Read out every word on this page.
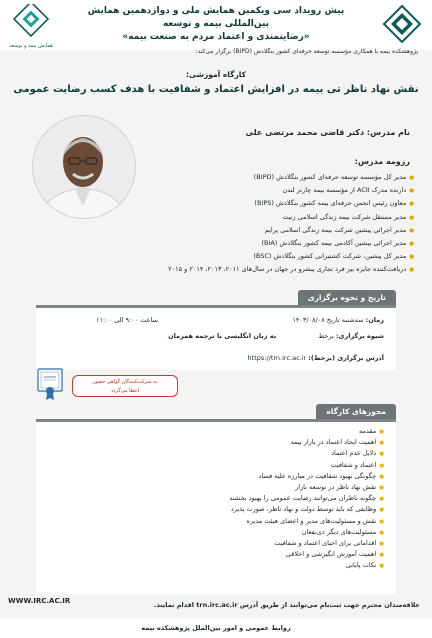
پیش رویداد سی ویکمین همایش ملی و دوازدهمین همایش بین‌المللی بیمه و توسعه
«رضایتمندی و اعتماد مردم به صنعت بیمه»
همایش بیمه و توسعه
پژوهشکده بیمه با همکاری مؤسسه توسعه حرفه‌ای کشور بنگلادش (BIPD) برگزار می‌کند:
کارگاه آموزشی:
نقش نهاد ناظر تی بیمه در افزایش اعتماد و شفافیت با هدف کسب رضایت عمومی
نام مدرس: دکتر قاضی محمد مرتضی علی
رزومه مدرس:
● مدیر کل مؤسسه توسعه حرفه‌ای کشور بنگلادش (BIPD)
● دارنده مدرک ACII از مؤسسه بیمه چارتر لندن
● معاون رئیس انجمن حرفه‌ای بیمه کشور بنگلادش (BIPS)
● مدیر مستقل شرکت بیمه زندگی اسلامی زنیت
● مدیر اجرائی پیشین شرکت بیمه زندگی اسلامی پرایم
● مدیر اجرائی پیشین آکادمی بیمه کشور بنگلادش (BIA)
● مدیر کل پیشین، شرکت کشتیرانی کشور بنگلادش (BSC)
● دریافت‌کننده جایزه بیز فرد تجاری پیشرو در جهان در سال‌های ۲۰۱۱، ۲۰۱۳، ۲۰۱۴ و ۲۰۱۵
تاریخ و نحوه برگزاری
زمان: سه‌شنبه تاریخ ۱۴۰۳/۰۸/۰۸
ساعت ۹:۰۰ الی ۱۱:۰۰
شیوه برگزاری: برخط به زبان انگلیسی با ترجمه همزمان
آدرس برگزاری (برخط): https://trn.irc.ac.ir
به شرکت‌کنندگان گواهی حضور
اعطا می‌گردد
محورهای کارگاه
● مقدمه
● اهمیت ایجاد اعتماد در بازار بیمه
● دلایل عدم اعتماد
● اعتماد و شفافیت
● چگونگی بهبود شفافیت در مبارزه علیه فساد
● نقش نهاد ناظر در توسعه بازار
● چگونه ناظران می‌توانند رضایت عمومی را بهبود بخشند
● وظایفی که باید توسط دولت و نهاد ناظر، صورت پذیرد
● نقش و مسئولیت‌های مدیر و اعضای هیئت مدیره
● مسئولیت‌های دیگر ذی‌نفعان
● اقداماتی برای احیای اعتماد و شفافیت
● اهمیت آموزش انگیزشی و اخلاقی
● نکات پایانی
علاقه‌مندان محترم جهت ثبت‌نام می‌توانند از طریق آدرس trn.irc.ac.ir اقدام نمایند.
WWW.IRC.AC.IR
روابط عمومی و امور بین‌الملل پژوهشکده بیمه
